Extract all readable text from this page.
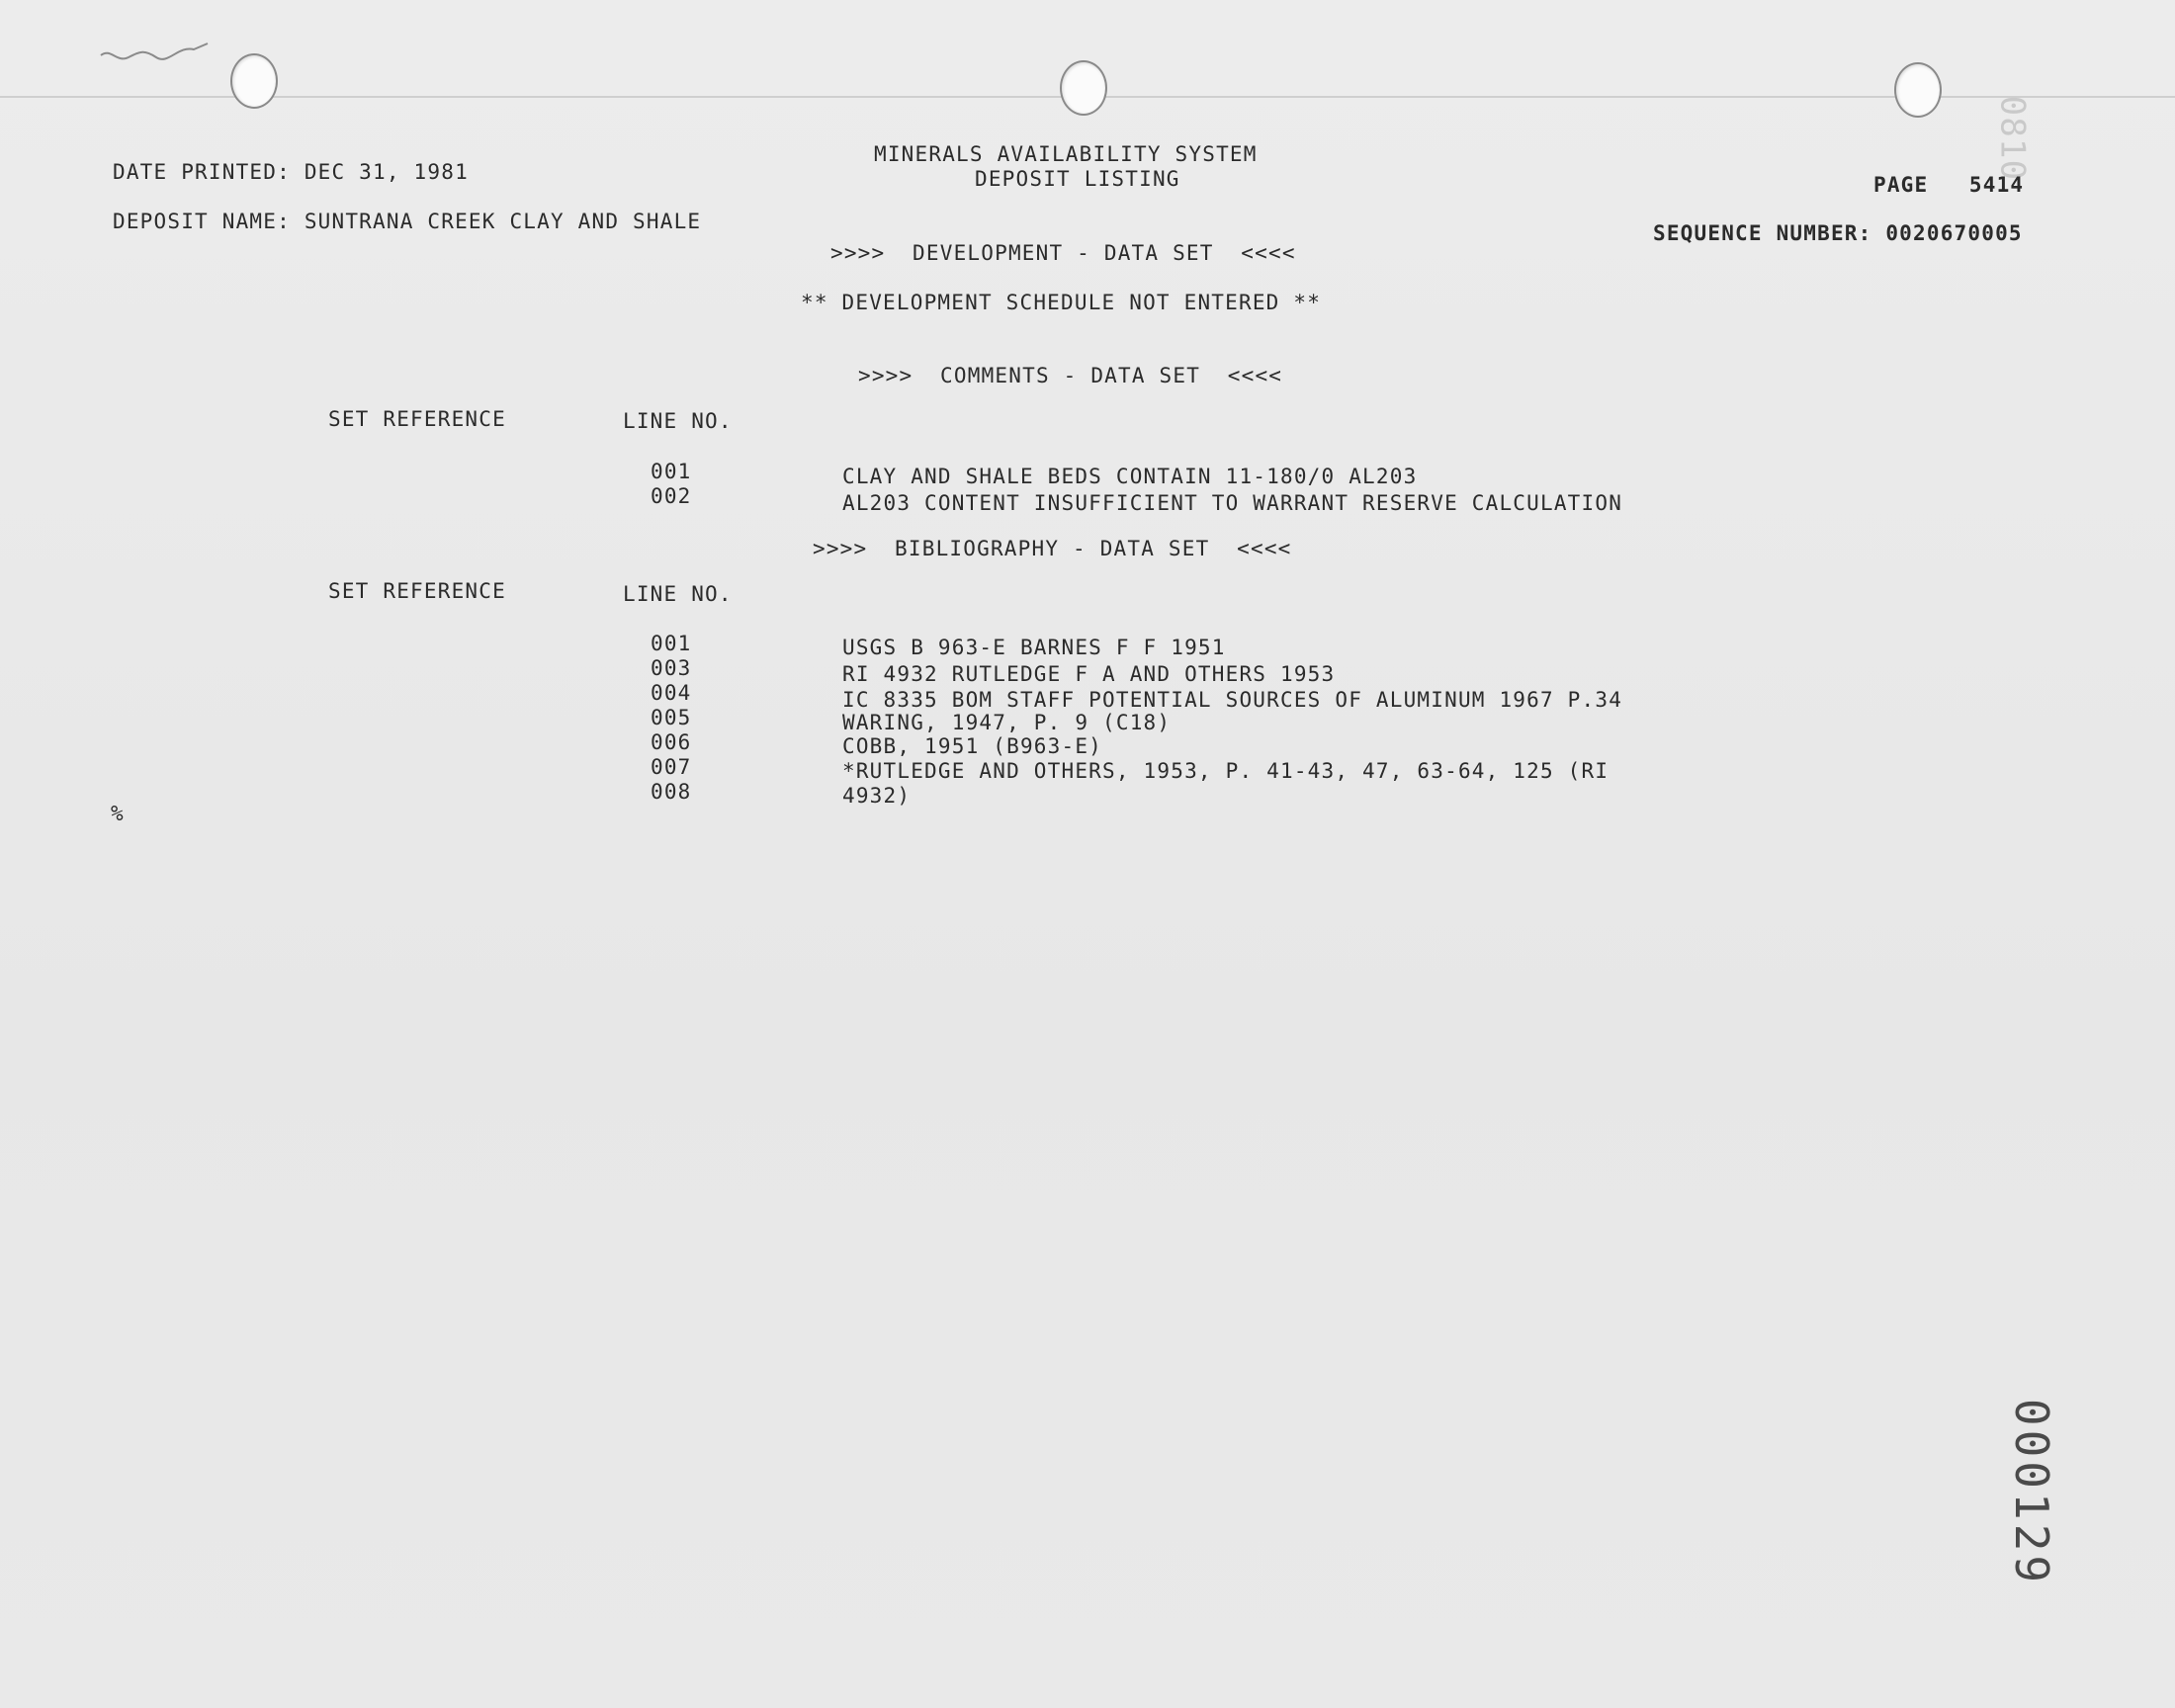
0810
MINERALS AVAILABILITY SYSTEM
DEPOSIT LISTING
DATE PRINTED: DEC 31, 1981
PAGE 5414
DEPOSIT NAME: SUNTRANA CREEK CLAY AND SHALE	SEQUENCE NUMBER: 0020670005
>>>>  DEVELOPMENT - DATA SET  <<<<
** DEVELOPMENT SCHEDULE NOT ENTERED **
>>>>  COMMENTS - DATA SET  <<<<
SET REFERENCE	LINE NO.
001	CLAY AND SHALE BEDS CONTAIN 11-180/0 AL203
002	AL203 CONTENT INSUFFICIENT TO WARRANT RESERVE CALCULATION
>>>>  BIBLIOGRAPHY - DATA SET  <<<<
SET REFERENCE	LINE NO.
001	USGS B 963-E BARNES F F 1951
003	RI 4932 RUTLEDGE F A AND OTHERS 1953
004	IC 8335 BOM STAFF POTENTIAL SOURCES OF ALUMINUM 1967 P.34
005	WARING, 1947, P. 9 (C18)
006	COBB, 1951 (B963-E)
007	*RUTLEDGE AND OTHERS, 1953, P. 41-43, 47, 63-64, 125 (RI
008	4932)
%
000129
